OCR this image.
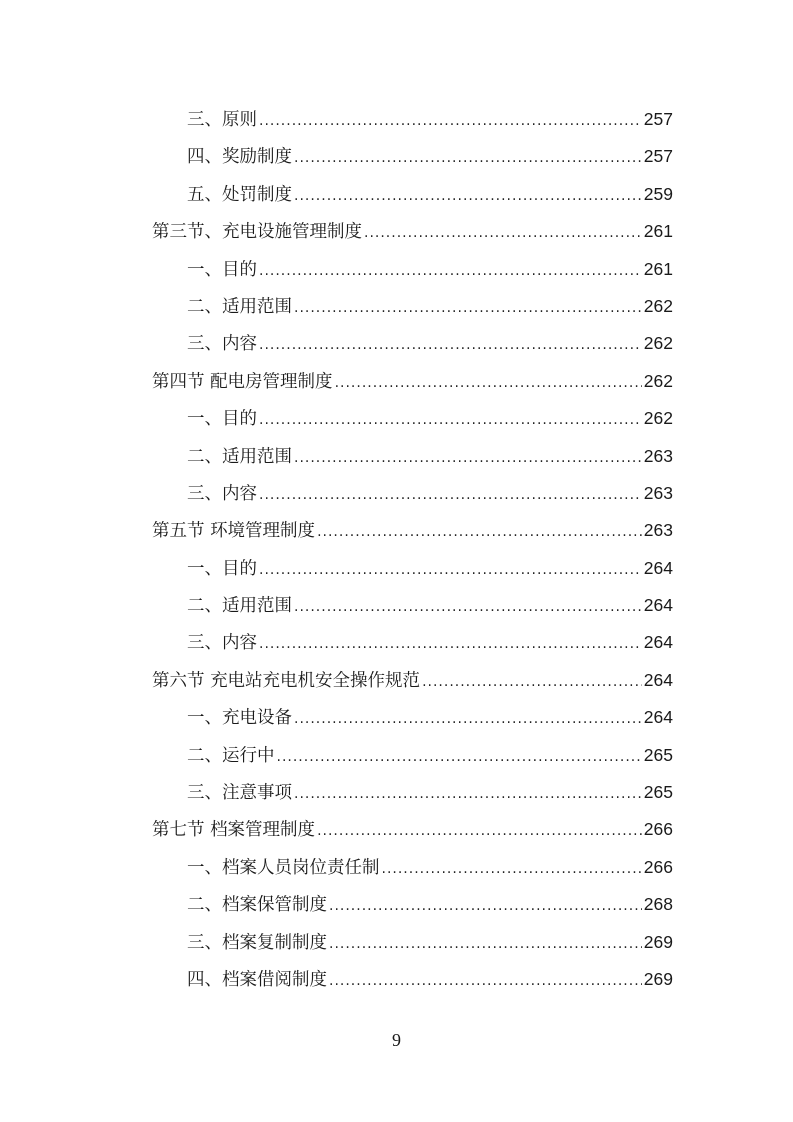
三、原则 .....	257
四、奖励制度 .....	257
五、处罚制度 .....	259
第三节、充电设施管理制度 .....	261
一、目的 .....	261
二、适用范围 .....	262
三、内容 .....	262
第四节 配电房管理制度 .....	262
一、目的 .....	262
二、适用范围 .....	263
三、内容 .....	263
第五节 环境管理制度 .....	263
一、目的 .....	264
二、适用范围 .....	264
三、内容 .....	264
第六节 充电站充电机安全操作规范 .....	264
一、充电设备 .....	264
二、运行中 .....	265
三、注意事项 .....	265
第七节 档案管理制度 .....	266
一、档案人员岗位责任制 .....	266
二、档案保管制度 .....	268
三、档案复制制度 .....	269
四、档案借阅制度 .....	269
9
